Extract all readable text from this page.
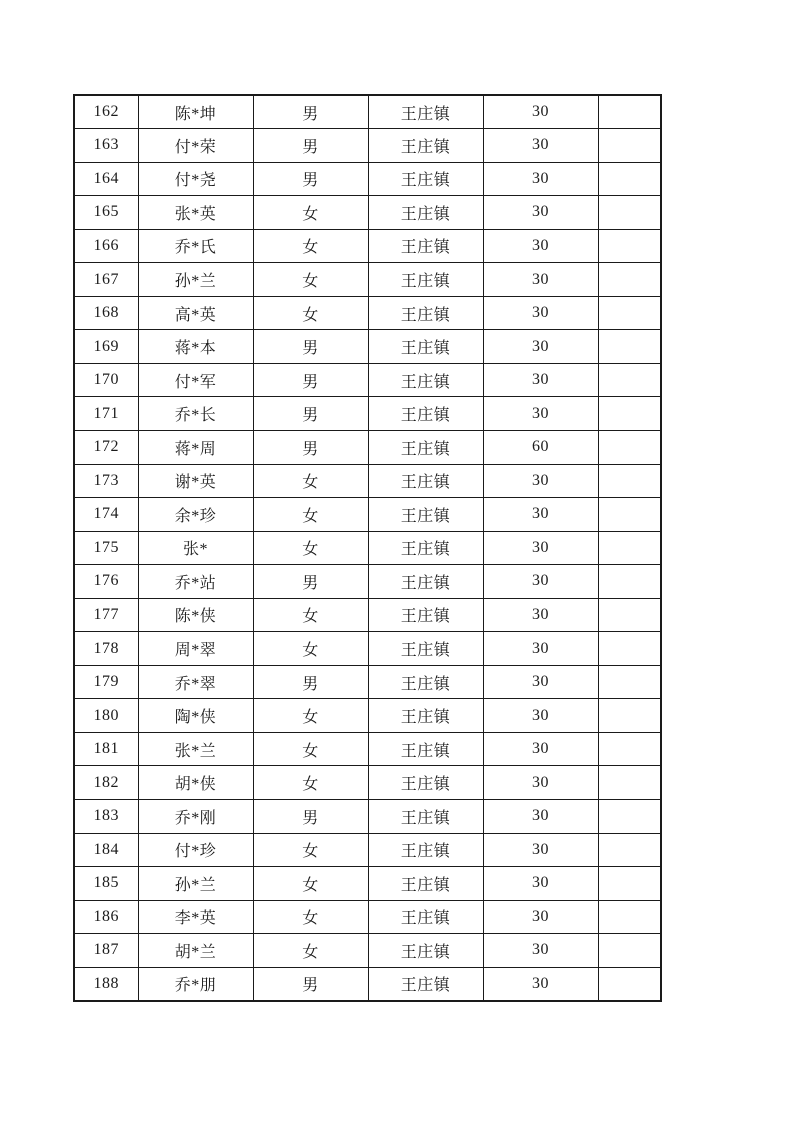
162	陈*坤	男	王庄镇	30	
163	付*荣	男	王庄镇	30	
164	付*尧	男	王庄镇	30	
165	张*英	女	王庄镇	30	
166	乔*氏	女	王庄镇	30	
167	孙*兰	女	王庄镇	30	
168	高*英	女	王庄镇	30	
169	蒋*本	男	王庄镇	30	
170	付*军	男	王庄镇	30	
171	乔*长	男	王庄镇	30	
172	蒋*周	男	王庄镇	60	
173	谢*英	女	王庄镇	30	
174	余*珍	女	王庄镇	30	
175	张*	女	王庄镇	30	
176	乔*站	男	王庄镇	30	
177	陈*侠	女	王庄镇	30	
178	周*翠	女	王庄镇	30	
179	乔*翠	男	王庄镇	30	
180	陶*侠	女	王庄镇	30	
181	张*兰	女	王庄镇	30	
182	胡*侠	女	王庄镇	30	
183	乔*刚	男	王庄镇	30	
184	付*珍	女	王庄镇	30	
185	孙*兰	女	王庄镇	30	
186	李*英	女	王庄镇	30	
187	胡*兰	女	王庄镇	30	
188	乔*朋	男	王庄镇	30	
